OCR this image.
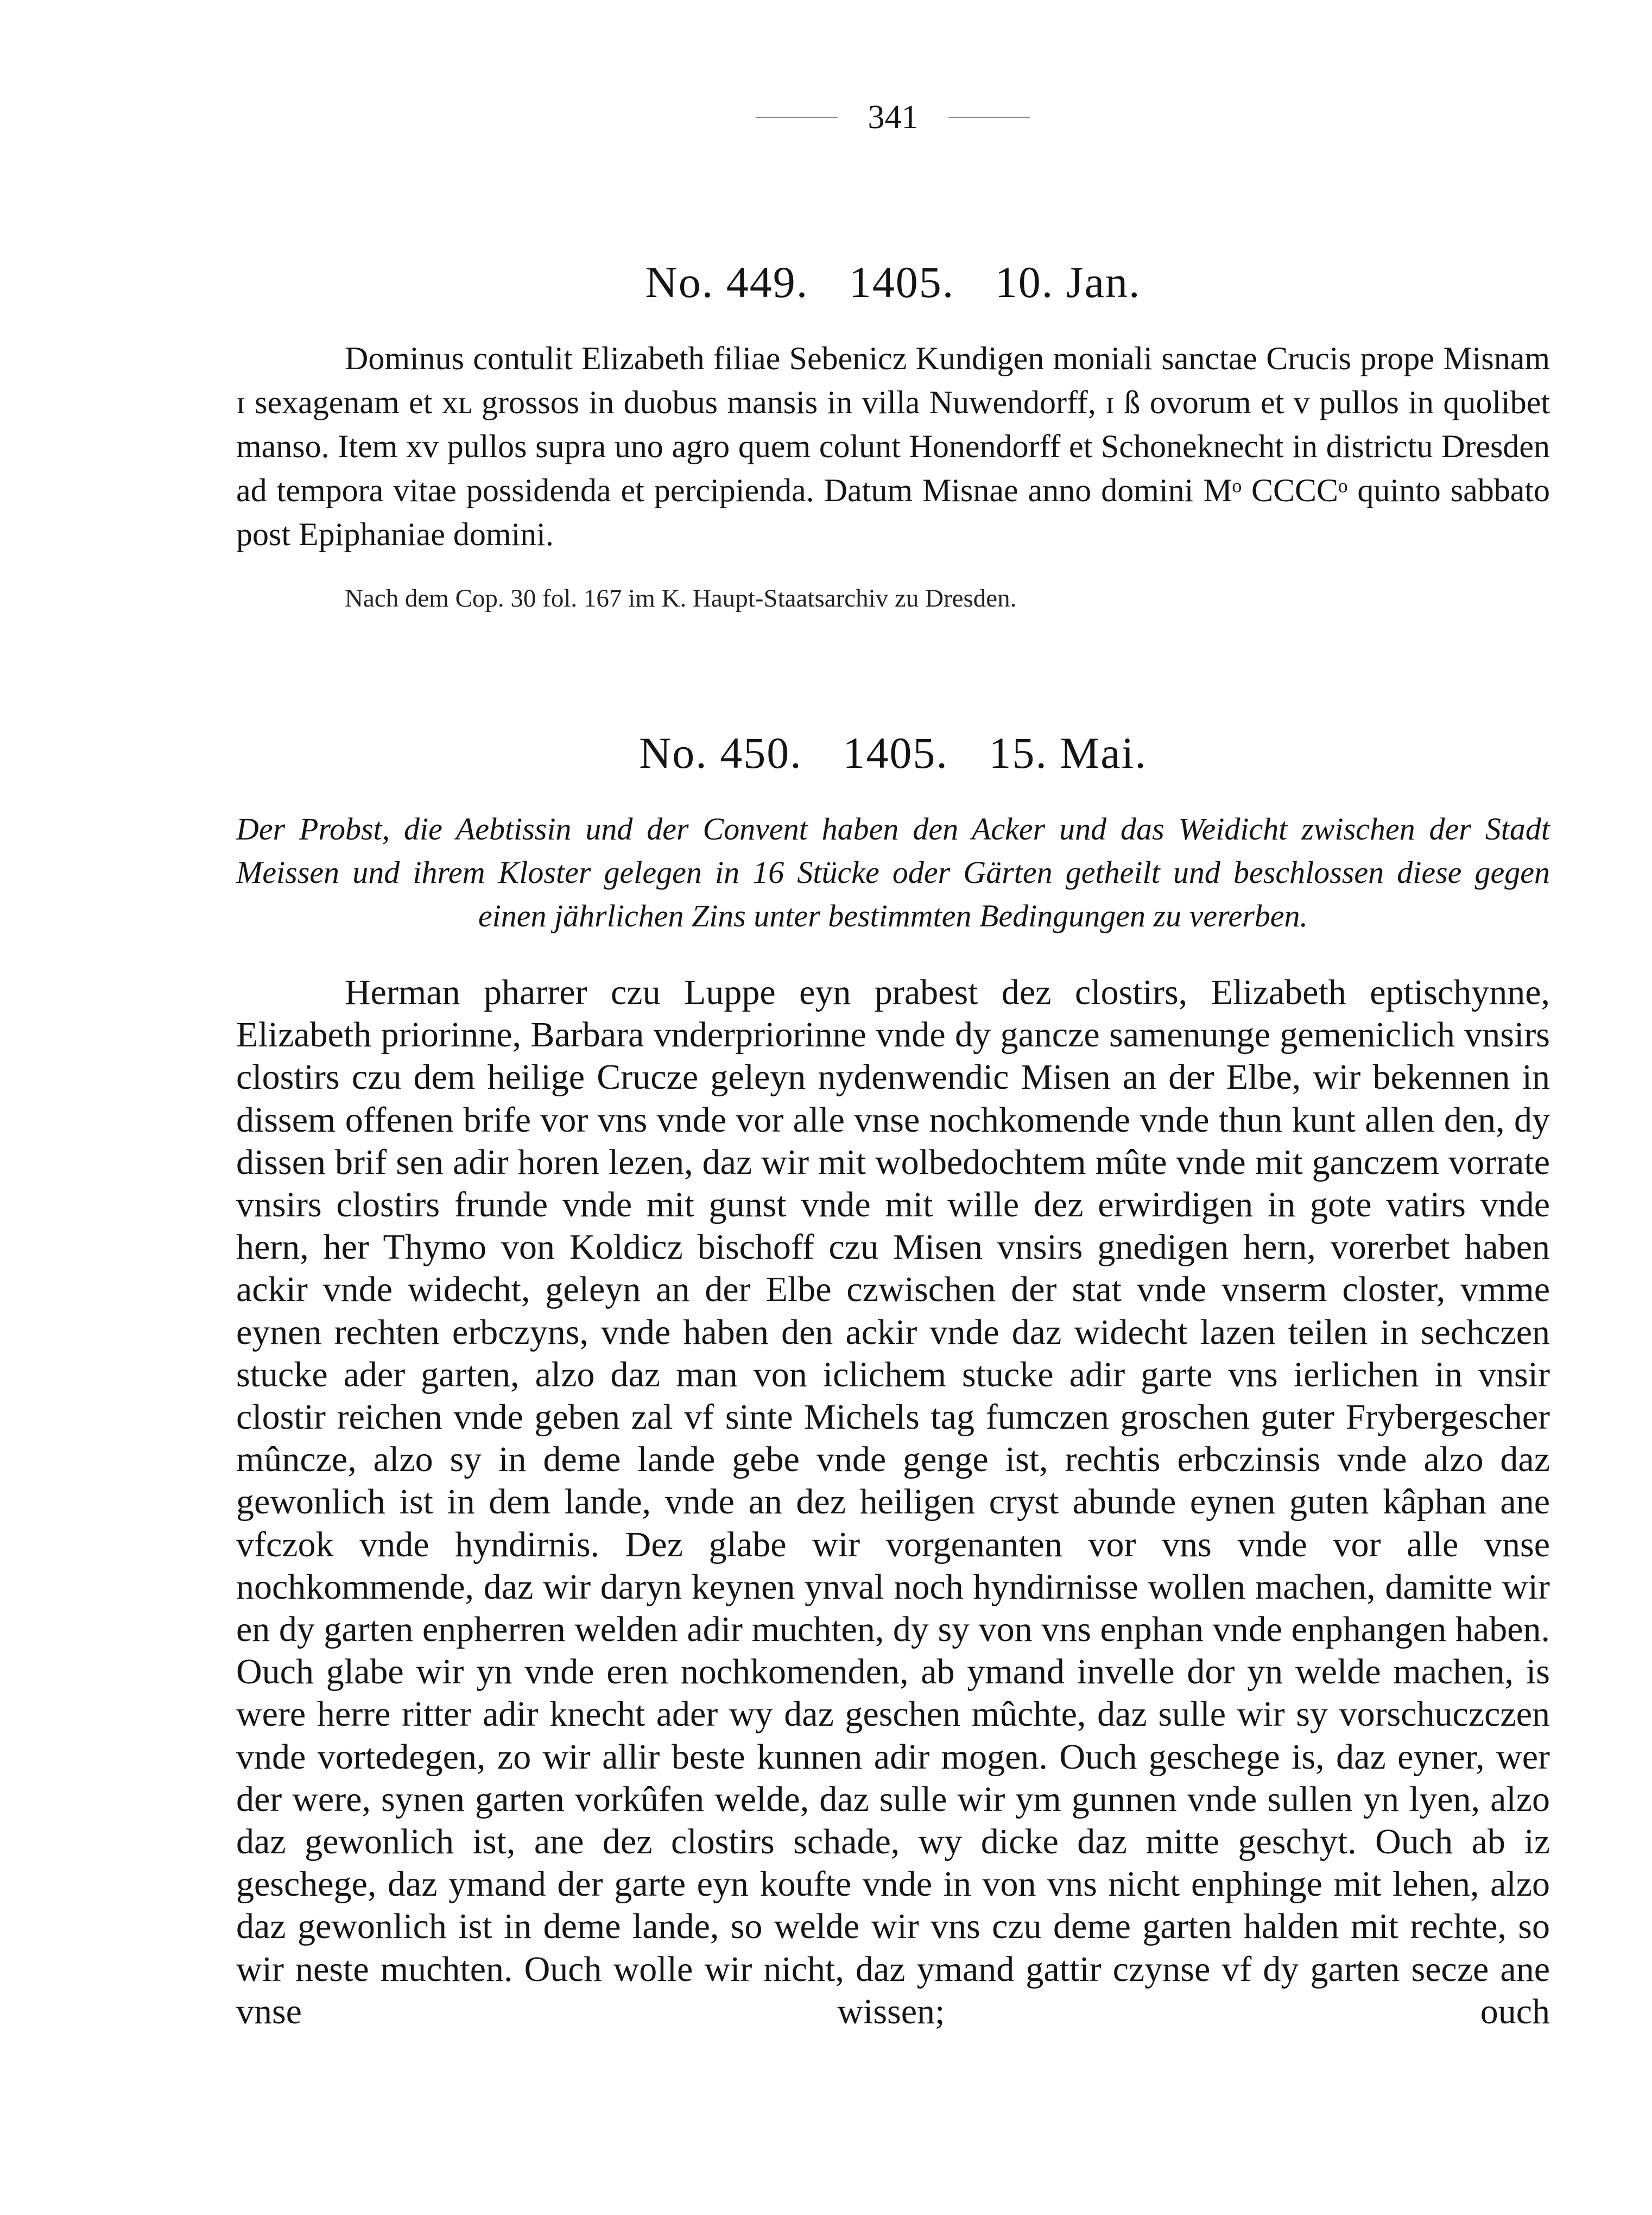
341
No. 449. 1405. 10. Jan.

Dominus contulit Elizabeth filiae Sebenicz Kundigen moniali sanctae Crucis prope Misnam ɪ sexagenam et xʟ grossos in duobus mansis in villa Nuwendorff, ɪ ß ovorum et v pullos in quolibet manso. Item xv pullos supra uno agro quem colunt Honendorff et Schoneknecht in districtu Dresden ad tempora vitae possidenda et percipienda. Datum Misnae anno domini Mᵒ CCCCᵒ quinto sabbato post Epiphaniae domini.

Nach dem Cop. 30 fol. 167 im K. Haupt-Staatsarchiv zu Dresden.

No. 450. 1405. 15. Mai.

Der Probst, die Aebtissin und der Convent haben den Acker und das Weidicht zwischen der Stadt Meissen und ihrem Kloster gelegen in 16 Stücke oder Gärten getheilt und beschlossen diese gegen einen jährlichen Zins unter bestimmten Bedingungen zu vererben.

Herman pharrer czu Luppe eyn prabest dez clostirs, Elizabeth eptischynne, Elizabeth priorinne, Barbara vnderpriorinne vnde dy gancze samenunge gemeniclich vnsirs clostirs czu dem heilige Crucze geleyn nydenwendic Misen an der Elbe, wir bekennen in dissem offenen brife vor vns vnde vor alle vnse nochkomende vnde thun kunt allen den, dy dissen brif sen adir horen lezen, daz wir mit wolbedochtem mûte vnde mit ganczem vorrate vnsirs clostirs frunde vnde mit gunst vnde mit wille dez erwirdigen in gote vatirs vnde hern, her Thymo von Koldicz bischoff czu Misen vnsirs gnedigen hern, vorerbet haben ackir vnde widecht, geleyn an der Elbe czwischen der stat vnde vnserm closter, vmme eynen rechten erbczyns, vnde haben den ackir vnde daz widecht lazen teilen in sechczen stucke ader garten, alzo daz man von iclichem stucke adir garte vns ierlichen in vnsir clostir reichen vnde geben zal vf sinte Michels tag fumczen groschen guter Frybergescher mûncze, alzo sy in deme lande gebe vnde genge ist, rechtis erbczinsis vnde alzo daz gewonlich ist in dem lande, vnde an dez heiligen cryst abunde eynen guten kâphan ane vfczok vnde hyndirnis. Dez glabe wir vorgenanten vor vns vnde vor alle vnse nochkommende, daz wir daryn keynen ynval noch hyndirnisse wollen machen, damitte wir en dy garten enpherren welden adir muchten, dy sy von vns enphan vnde enphangen haben. Ouch glabe wir yn vnde eren nochkomenden, ab ymand invelle dor yn welde machen, is were herre ritter adir knecht ader wy daz geschen mûchte, daz sulle wir sy vorschuczczen vnde vortedegen, zo wir allir beste kunnen adir mogen. Ouch geschege is, daz eyner, wer der were, synen garten vorkûfen welde, daz sulle wir ym gunnen vnde sullen yn lyen, alzo daz gewonlich ist, ane dez clostirs schade, wy dicke daz mitte geschyt. Ouch ab iz geschege, daz ymand der garte eyn koufte vnde in von vns nicht enphinge mit lehen, alzo daz gewonlich ist in deme lande, so welde wir vns czu deme garten halden mit rechte, so wir neste muchten. Ouch wolle wir nicht, daz ymand gattir czynse vf dy garten secze ane vnse wissen; ouch
